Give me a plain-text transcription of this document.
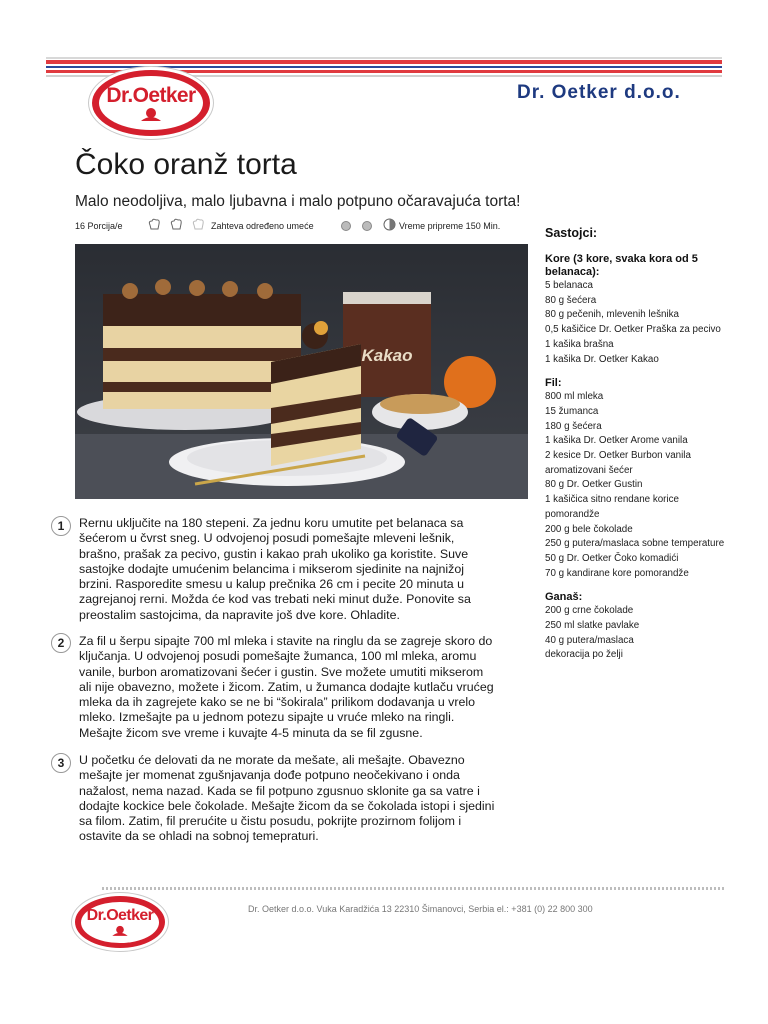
Dr.Oetker	Dr. Oetker d.o.o.
Čoko oranž torta
Malo neodoljiva, malo ljubavna i malo potpuno očaravajuća torta!
16 Porcija/e	Zahteva određeno umeće	Vreme pripreme 150 Min.
Kakao
1	Rernu uključite na 180 stepeni. Za jednu koru umutite pet belanaca sa šećerom u čvrst sneg. U odvojenoj posudi pomešajte mleveni lešnik, brašno, prašak za pecivo, gustin i kakao prah ukoliko ga koristite. Suve sastojke dodajte umućenim belancima i mikserom sjedinite na najnižoj brzini. Rasporedite smesu u kalup prečnika 26 cm i pecite 20 minuta u zagrejanoj rerni. Možda će kod vas trebati neki minut duže. Ponovite sa preostalim sastojcima, da napravite još dve kore. Ohladite.
2	Za fil u šerpu sipajte 700 ml mleka i stavite na ringlu da se zagreje skoro do ključanja. U odvojenoj posudi pomešajte žumanca, 100 ml mleka, aromu vanile, burbon aromatizovani šećer i gustin. Sve možete umutiti mikserom ali nije obavezno, možete i žicom. Zatim, u žumanca dodajte kutlaču vrućeg mleka da ih zagrejete kako se ne bi “šokirala” prilikom dodavanja u vrelo mleko. Izmešajte pa u jednom potezu sipajte u vruće mleko na ringli. Mešajte žicom sve vreme i kuvajte 4-5 minuta da se fil zgusne.
3	U početku će delovati da ne morate da mešate, ali mešajte. Obavezno mešajte jer momenat zgušnjavanja dođe potpuno neočekivano i onda nažalost, nema nazad. Kada se fil potpuno zgusnuo sklonite ga sa vatre i dodajte kockice bele čokolade. Mešajte žicom da se čokolada istopi i sjedini sa filom. Zatim, fil prerućite u čistu posudu, pokrijte prozirnom folijom i ostavite da se ohladi na sobnoj temepraturi.
Sastojci:
Kore (3 kore, svaka kora od 5 belanaca):
5 belanaca
80 g šećera
80 g pečenih, mlevenih lešnika
0,5 kašičice Dr. Oetker Praška za pecivo
1 kašika brašna
1 kašika Dr. Oetker Kakao
Fil:
800 ml mleka
15 žumanca
180 g šećera
1 kašika Dr. Oetker Arome vanila
2 kesice Dr. Oetker Burbon vanila aromatizovani šećer
80 g Dr. Oetker Gustin
1 kašičica sitno rendane korice pomorandže
200 g bele čokolade
250 g putera/maslaca sobne temperature
50 g Dr. Oetker Čoko komadići
70 g kandirane kore pomorandže
Ganaš:
200 g crne čokolade
250 ml slatke pavlake
40 g putera/maslaca
dekoracija po želji
Dr.Oetker	Dr. Oetker d.o.o. Vuka Karadžića 13 22310 Šimanovci, Serbia el.: +381 (0) 22 800 300
